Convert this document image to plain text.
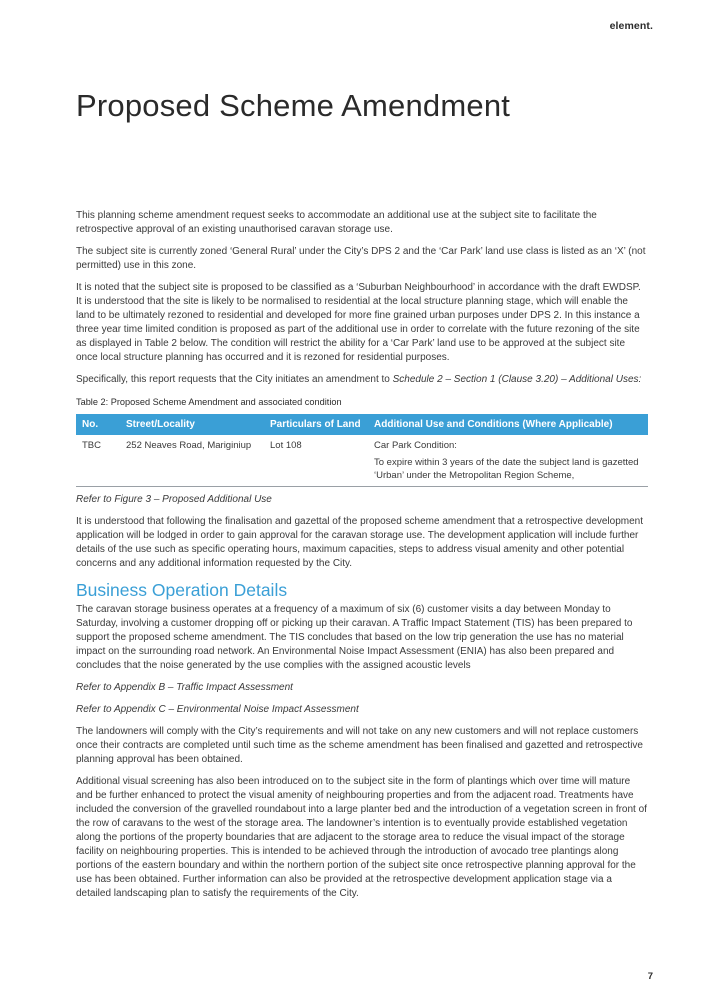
element.
Proposed Scheme Amendment

This planning scheme amendment request seeks to accommodate an additional use at the subject site to facilitate the retrospective approval of an existing unauthorised caravan storage use.

The subject site is currently zoned ‘General Rural’ under the City’s DPS 2 and the ‘Car Park’ land use class is listed as an ‘X’ (not permitted) use in this zone.

It is noted that the subject site is proposed to be classified as a ‘Suburban Neighbourhood’ in accordance with the draft EWDSP. It is understood that the site is likely to be normalised to residential at the local structure planning stage, which will enable the land to be ultimately rezoned to residential and developed for more fine grained urban purposes under DPS 2. In this instance a three year time limited condition is proposed as part of the additional use in order to correlate with the future rezoning of the site as displayed in Table 2 below. The condition will restrict the ability for a ‘Car Park’ land use to be approved at the subject site once local structure planning has occurred and it is rezoned for residential purposes.

Specifically, this report requests that the City initiates an amendment to Schedule 2 – Section 1 (Clause 3.20) – Additional Uses:

Table 2: Proposed Scheme Amendment and associated condition
No.	Street/Locality	Particulars of Land	Additional Use and Conditions (Where Applicable)
TBC	252 Neaves Road, Mariginiup	Lot 108	Car Park Condition:
			To expire within 3 years of the date the subject land is gazetted ‘Urban’ under the Metropolitan Region Scheme,

Refer to Figure 3 – Proposed Additional Use

It is understood that following the finalisation and gazettal of the proposed scheme amendment that a retrospective development application will be lodged in order to gain approval for the caravan storage use. The development application will include further details of the use such as specific operating hours, maximum capacities, steps to address visual amenity and other potential concerns and any additional information requested by the City.

Business Operation Details

The caravan storage business operates at a frequency of a maximum of six (6) customer visits a day between Monday to Saturday, involving a customer dropping off or picking up their caravan. A Traffic Impact Statement (TIS) has been prepared to support the proposed scheme amendment. The TIS concludes that based on the low trip generation the use has no material impact on the surrounding road network. An Environmental Noise Impact Assessment (ENIA) has also been prepared and concludes that the noise generated by the use complies with the assigned acoustic levels

Refer to Appendix B – Traffic Impact Assessment

Refer to Appendix C – Environmental Noise Impact Assessment

The landowners will comply with the City’s requirements and will not take on any new customers and will not replace customers once their contracts are completed until such time as the scheme amendment has been finalised and gazetted and retrospective planning approval has been obtained.

Additional visual screening has also been introduced on to the subject site in the form of plantings which over time will mature and be further enhanced to protect the visual amenity of neighbouring properties and from the adjacent road. Treatments have included the conversion of the gravelled roundabout into a large planter bed and the introduction of a vegetation screen in front of the row of caravans to the west of the storage area. The landowner’s intention is to eventually provide established vegetation along the portions of the property boundaries that are adjacent to the storage area to reduce the visual impact of the storage facility on neighbouring properties. This is intended to be achieved through the introduction of avocado tree plantings along portions of the eastern boundary and within the northern portion of the subject site once retrospective planning approval for the use has been obtained. Further information can also be provided at the retrospective development application stage via a detailed landscaping plan to satisfy the requirements of the City.

7
